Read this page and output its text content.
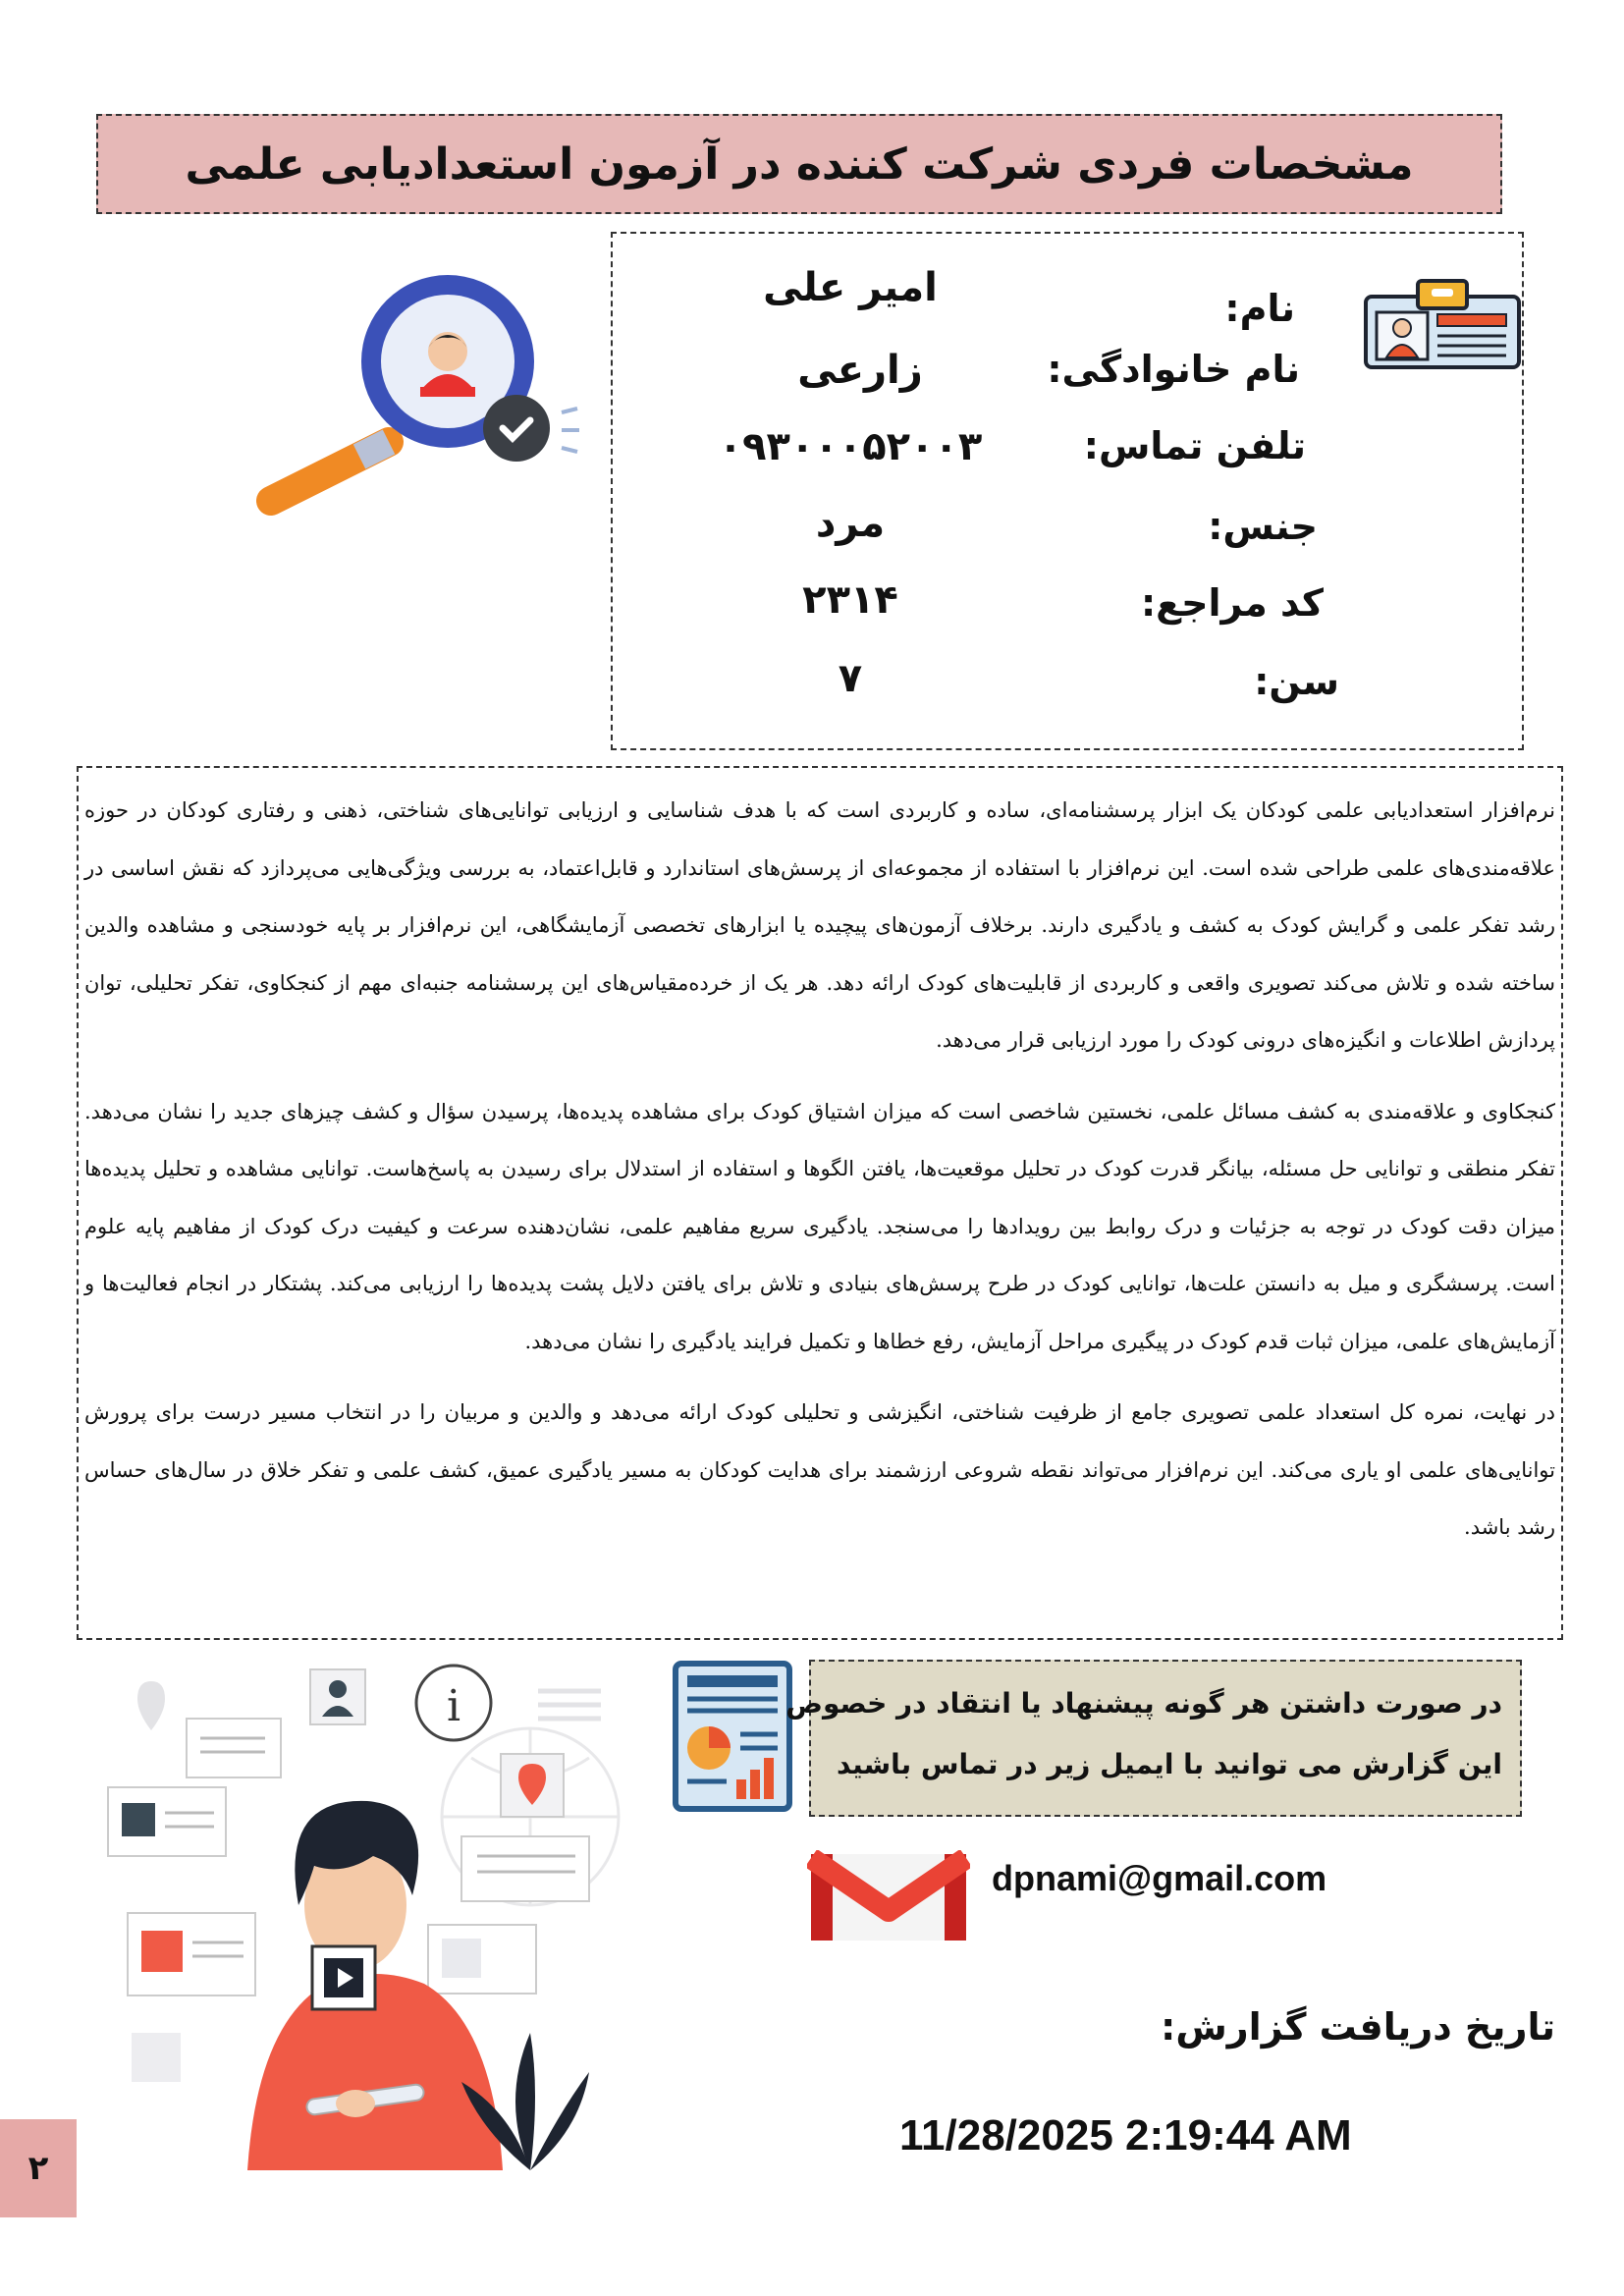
مشخصات فردی شرکت کننده در آزمون استعدادیابی علمی
نام:
امیر علی
نام خانوادگی:
زارعی
تلفن تماس:
۰۹۳۰۰۰۵۲۰۰۳
جنس:
مرد
کد مراجع:
۲۳۱۴
سن:
۷

نرم‌افزار استعدادیابی علمی کودکان یک ابزار پرسشنامه‌ای، ساده و کاربردی است که با هدف شناسایی و ارزیابی توانایی‌های شناختی، ذهنی و رفتاری کودکان در حوزه علاقه‌مندی‌های علمی طراحی شده است. این نرم‌افزار با استفاده از مجموعه‌ای از پرسش‌های استاندارد و قابل‌اعتماد، به بررسی ویژگی‌هایی می‌پردازد که نقش اساسی در رشد تفکر علمی و گرایش کودک به کشف و یادگیری دارند. برخلاف آزمون‌های پیچیده یا ابزارهای تخصصی آزمایشگاهی، این نرم‌افزار بر پایه خودسنجی و مشاهده والدین ساخته شده و تلاش می‌کند تصویری واقعی و کاربردی از قابلیت‌های کودک ارائه دهد. هر یک از خرده‌مقیاس‌های این پرسشنامه جنبه‌ای مهم از کنجکاوی، تفکر تحلیلی، توان پردازش اطلاعات و انگیزه‌های درونی کودک را مورد ارزیابی قرار می‌دهد.

کنجکاوی و علاقه‌مندی به کشف مسائل علمی، نخستین شاخصی است که میزان اشتیاق کودک برای مشاهده پدیده‌ها، پرسیدن سؤال و کشف چیزهای جدید را نشان می‌دهد. تفکر منطقی و توانایی حل مسئله، بیانگر قدرت کودک در تحلیل موقعیت‌ها، یافتن الگوها و استفاده از استدلال برای رسیدن به پاسخ‌هاست. توانایی مشاهده و تحلیل پدیده‌ها میزان دقت کودک در توجه به جزئیات و درک روابط بین رویدادها را می‌سنجد. یادگیری سریع مفاهیم علمی، نشان‌دهنده سرعت و کیفیت درک کودک از مفاهیم پایه علوم است. پرسشگری و میل به دانستن علت‌ها، توانایی کودک در طرح پرسش‌های بنیادی و تلاش برای یافتن دلایل پشت پدیده‌ها را ارزیابی می‌کند. پشتکار در انجام فعالیت‌ها و آزمایش‌های علمی، میزان ثبات قدم کودک در پیگیری مراحل آزمایش، رفع خطاها و تکمیل فرایند یادگیری را نشان می‌دهد.

در نهایت، نمره کل استعداد علمی تصویری جامع از ظرفیت شناختی، انگیزشی و تحلیلی کودک ارائه می‌دهد و والدین و مربیان را در انتخاب مسیر درست برای پرورش توانایی‌های علمی او یاری می‌کند. این نرم‌افزار می‌تواند نقطه شروعی ارزشمند برای هدایت کودکان به مسیر یادگیری عمیق، کشف علمی و تفکر خلاق در سال‌های حساس رشد باشد.

i	در صورت داشتن هر گونه پیشنهاد یا انتقاد در خصوص
این گزارش می توانید با ایمیل زیر در تماس باشید
dpnami@gmail.com
تاریخ دریافت گزارش:
11/28/2025 2:19:44 AM
۲
